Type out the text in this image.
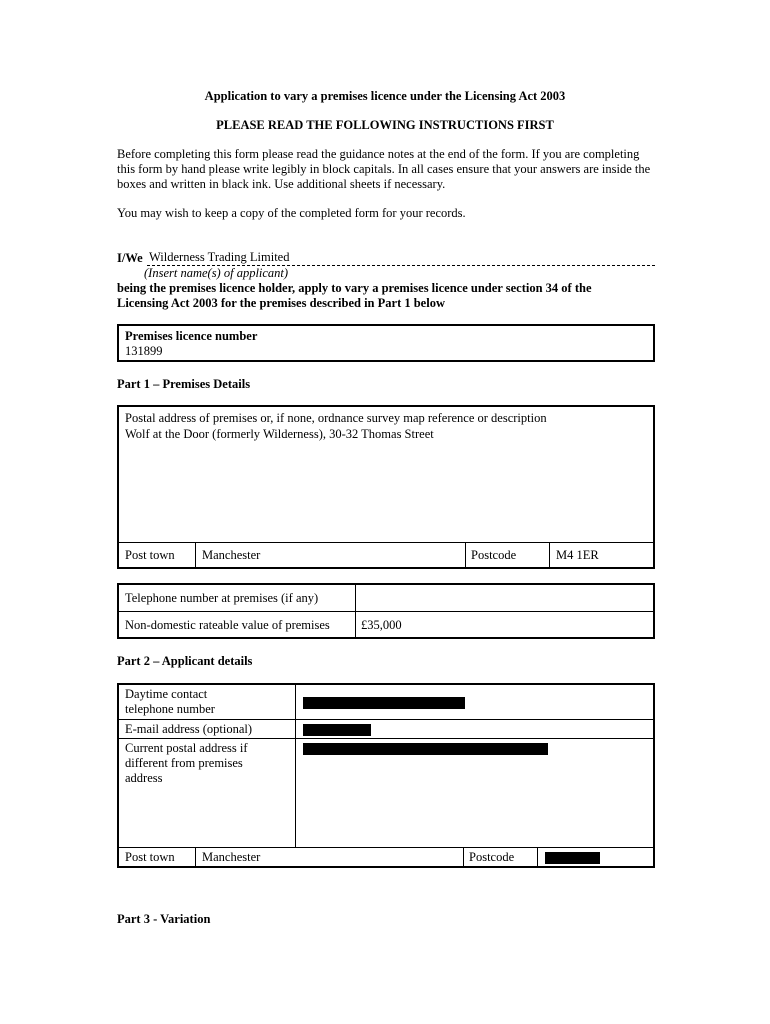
Application to vary a premises licence under the Licensing Act 2003
PLEASE READ THE FOLLOWING INSTRUCTIONS FIRST
Before completing this form please read the guidance notes at the end of the form. If you are completing this form by hand please write legibly in block capitals. In all cases ensure that your answers are inside the boxes and written in black ink. Use additional sheets if necessary.
You may wish to keep a copy of the completed form for your records.
I/We Wilderness Trading Limited
(Insert name(s) of applicant)
being the premises licence holder, apply to vary a premises licence under section 34 of the
Licensing Act 2003 for the premises described in Part 1 below
Premises licence number
131899
Part 1 – Premises Details
Postal address of premises or, if none, ordnance survey map reference or description
Wolf at the Door (formerly Wilderness), 30-32 Thomas Street
Post town Manchester	Postcode	M4 1ER
Telephone number at premises (if any)
Non-domestic rateable value of premises £35,000
Part 2 – Applicant details
Daytime contact
telephone number
E-mail address (optional)
Current postal address if
different from premises
address
Post town Manchester	Postcode
Part 3 - Variation
